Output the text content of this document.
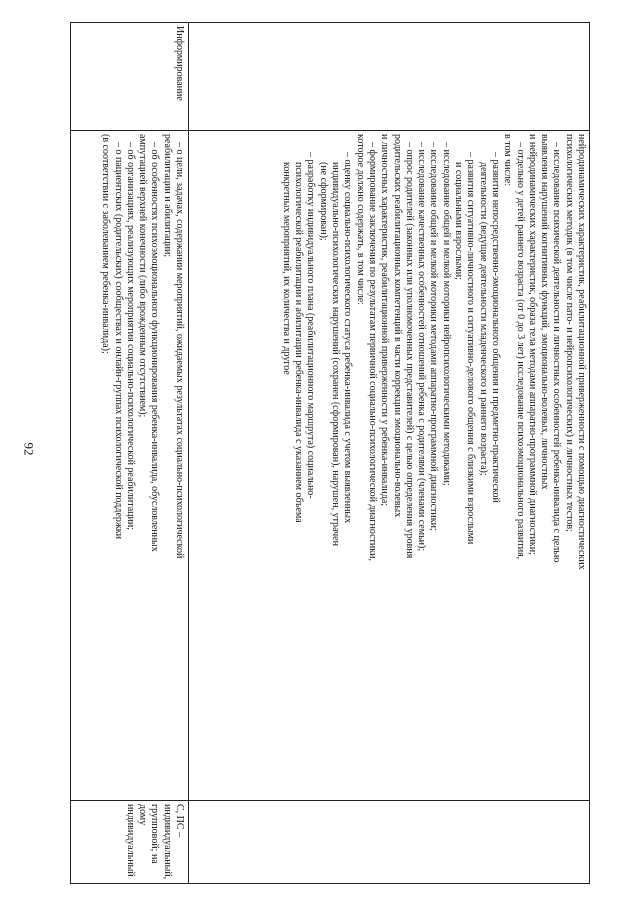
92
Информирование
нейродинамических характеристик, реабилитационной приверженности с помощью диагностических
психологических методик (в том числе пато- и нейропсихологических) и личностных тестов;
– исследование психической деятельности и личностных особенностей ребенка-инвалида с целью
выявления нарушений когнитивных функций, эмоционально-волевых, личностных
и нейродинамических характеристик, образа тела методами аппаратно-программной диагностики;
– отдельно у детей раннего возраста (от 0 до 3 лет) исследование психоэмоционального развития,
в том числе:
– развития непосредственно-эмоционального общения и предметно-практической
деятельности (ведущие деятельности младенческого и раннего возраста);
– развития ситуативно-личностного и ситуативно-делового общения с близкими взрослыми
и социальными взрослыми;
– исследование общей и мелкой моторики нейропсихологическими методиками;
– исследование общей и мелкой моторики методами аппаратно-программной диагностики;
– исследование качественных особенностей отношений ребенка с родителями (членами семьи);
– опрос родителей (законных или уполномоченных представителей) с целью определения уровня
родительских реабилитационных компетенций в части коррекции эмоционально-волевых
и личностных характеристик, реабилитационной приверженности у ребенка-инвалида;
– формирование заключения по результатам первичной социально-психологической диагностики,
которое должно содержать, в том числе:
– оценку социально-психологического статуса ребенка-инвалида с учетом выявленных
индивидуально-психологических нарушений (сохранен (сформирован), нарушен, утрачен
(не сформирован);
– разработку индивидуального плана (реабилитационного маршрута) социально-
психологической реабилитации и абилитации ребенка-инвалида с указанием объема
конкретных мероприятий, их количества и другое
– о цели, задачах, содержании мероприятий, ожидаемых результатах социально-психологической
реабилитации и абилитации;
– об особенностях психоэмоционального функционирования ребенка-инвалида, обусловленных
ампутацией верхней конечности (либо врожденным отсутствием);
– об организациях, реализующих мероприятия социально-психологической реабилитации;
– о пациентских (родительских) сообществах и онлайн-группах психологической поддержки
(в соответствии с заболеванием ребенка-инвалида);
С, ПС – индивидуальный, групповой; на дому индивидуальный
